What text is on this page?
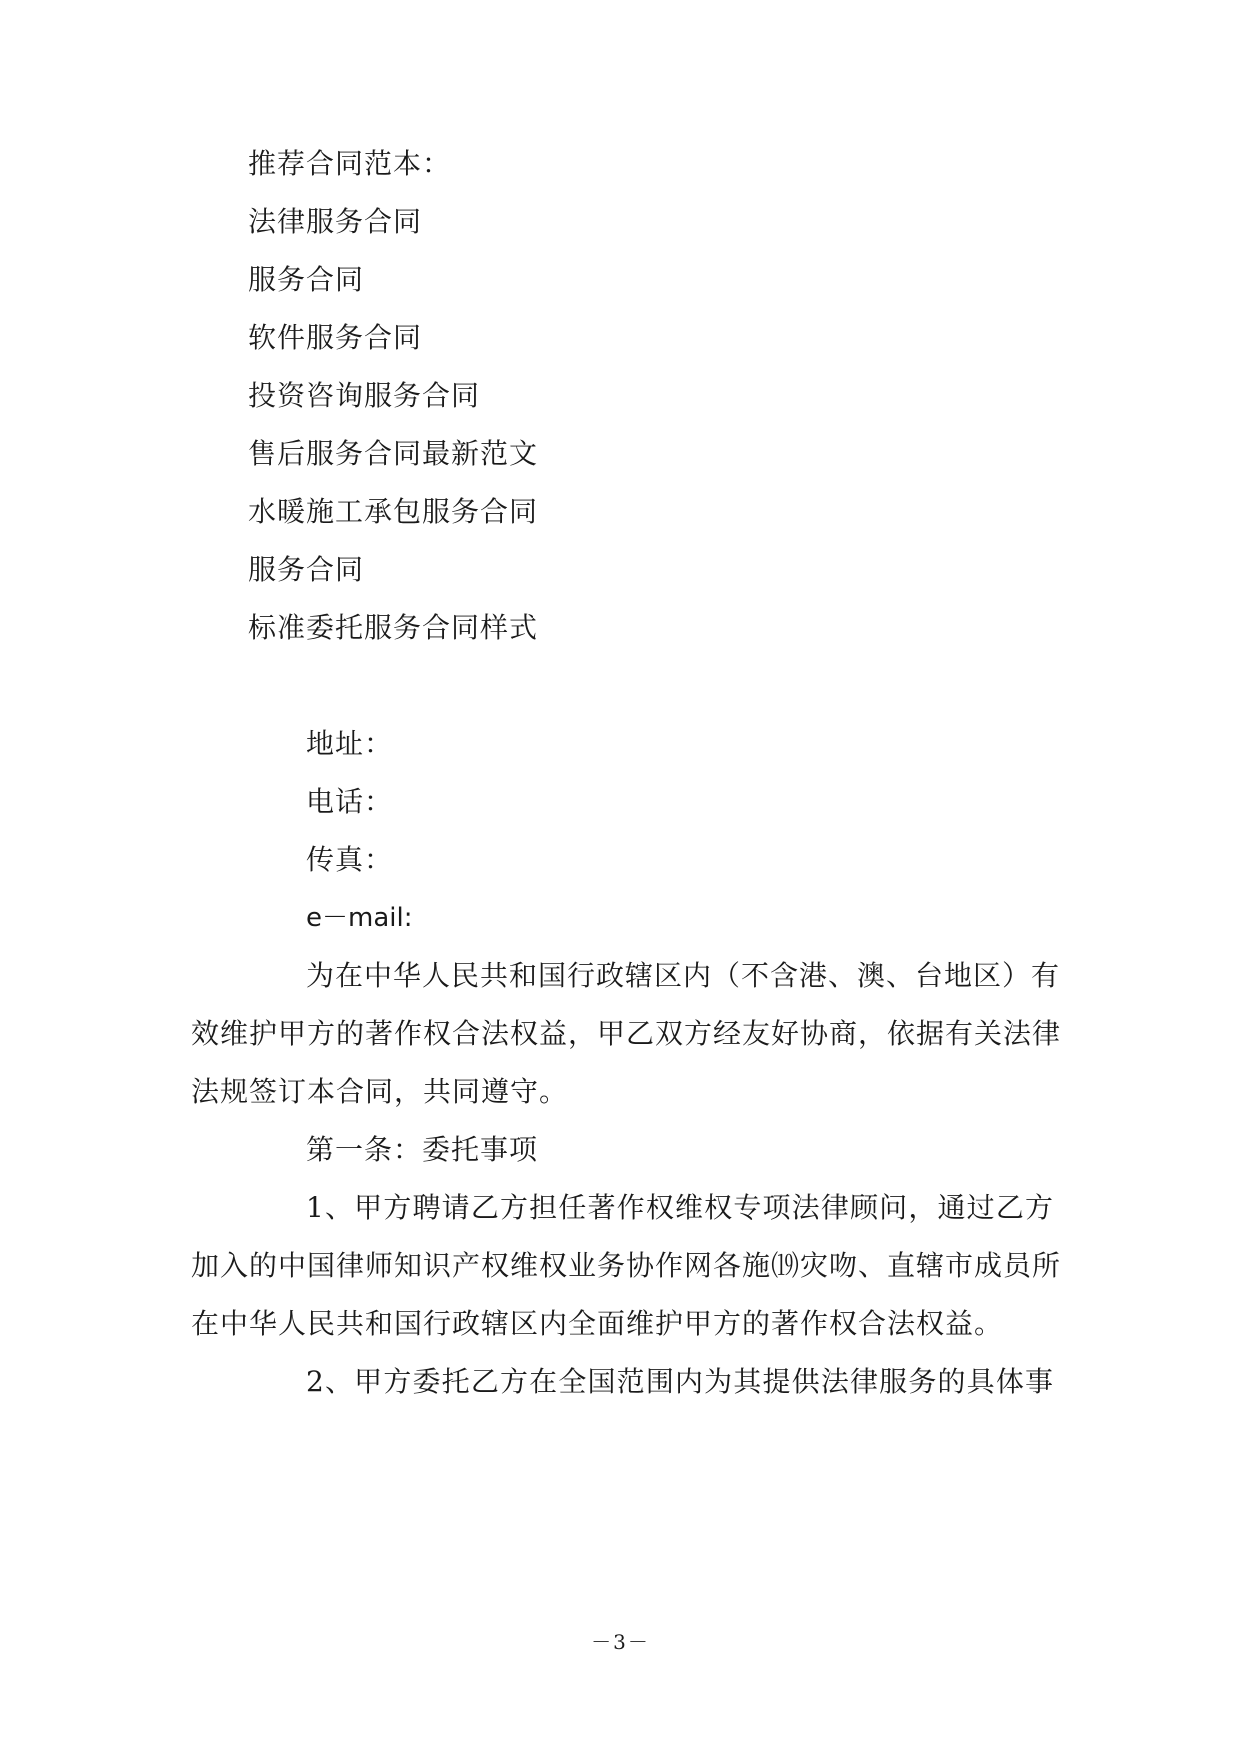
推荐合同范本：
法律服务合同
服务合同
软件服务合同
投资咨询服务合同
售后服务合同最新范文
水暖施工承包服务合同
服务合同
标准委托服务合同样式
地址：
电话：
传真：
e－mail:
为在中华人民共和国行政辖区内（不含港、澳、台地区）有
效维护甲方的著作权合法权益，甲乙双方经友好协商，依据有关法律
法规签订本合同，共同遵守。
第一条：委托事项
1、甲方聘请乙方担任著作权维权专项法律顾问，通过乙方
加入的中国律师知识产权维权业务协作网各施⒆灾吻、直辖市成员所
在中华人民共和国行政辖区内全面维护甲方的著作权合法权益。
2、甲方委托乙方在全国范围内为其提供法律服务的具体事
－3－
